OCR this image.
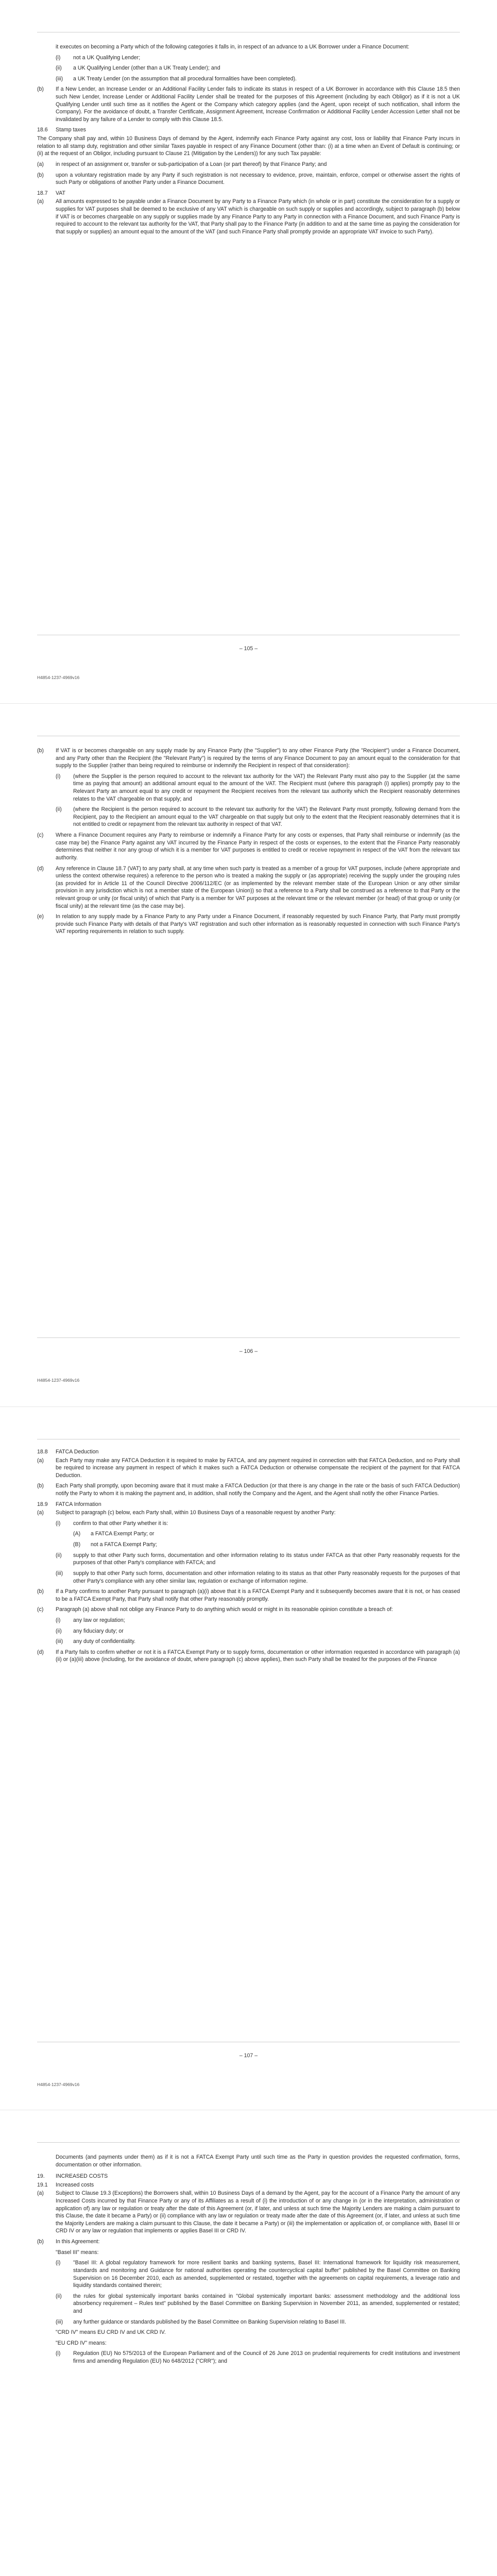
it executes on becoming a Party which of the following categories it falls in, in respect of an advance to a UK Borrower under a Finance Document:

(i)	not a UK Qualifying Lender;
(ii)	a UK Qualifying Lender (other than a UK Treaty Lender); and
(iii)	a UK Treaty Lender (on the assumption that all procedural formalities have been completed).
(b)	If a New Lender, an Increase Lender or an Additional Facility Lender fails to indicate its status in respect of a UK Borrower in accordance with this Clause 18.5 then such New Lender, Increase Lender or Additional Facility Lender shall be treated for the purposes of this Agreement (including by each Obligor) as if it is not a UK Qualifying Lender until such time as it notifies the Agent or the Company which category applies (and the Agent, upon receipt of such notification, shall inform the Company). For the avoidance of doubt, a Transfer Certificate, Assignment Agreement, Increase Confirmation or Additional Facility Lender Accession Letter shall not be invalidated by any failure of a Lender to comply with this Clause 18.5.
18.6	Stamp taxes

The Company shall pay and, within 10 Business Days of demand by the Agent, indemnify each Finance Party against any cost, loss or liability that Finance Party incurs in relation to all stamp duty, registration and other similar Taxes payable in respect of any Finance Document (other than: (i) at a time when an Event of Default is continuing; or (ii) at the request of an Obligor, including pursuant to Clause 21 (Mitigation by the Lenders)) for any such Tax payable:

(a)	in respect of an assignment or, transfer or sub-participation of a Loan (or part thereof) by that Finance Party; and
(b)	upon a voluntary registration made by any Party if such registration is not necessary to evidence, prove, maintain, enforce, compel or otherwise assert the rights of such Party or obligations of another Party under a Finance Document.
18.7	VAT
(a)	All amounts expressed to be payable under a Finance Document by any Party to a Finance Party which (in whole or in part) constitute the consideration for a supply or supplies for VAT purposes shall be deemed to be exclusive of any VAT which is chargeable on such supply or supplies and accordingly, subject to paragraph (b) below if VAT is or becomes chargeable on any supply or supplies made by any Finance Party to any Party in connection with a Finance Document, and such Finance Party is required to account to the relevant tax authority for the VAT, that Party shall pay to the Finance Party (in addition to and at the same time as paying the consideration for that supply or supplies) an amount equal to the amount of the VAT (and such Finance Party shall promptly provide an appropriate VAT invoice to such Party).
– 105 –
H4854-1237-4969v16
(b)	If VAT is or becomes chargeable on any supply made by any Finance Party (the "Supplier") to any other Finance Party (the "Recipient") under a Finance Document, and any Party other than the Recipient (the "Relevant Party") is required by the terms of any Finance Document to pay an amount equal to the consideration for that supply to the Supplier (rather than being required to reimburse or indemnify the Recipient in respect of that consideration):
(i)	(where the Supplier is the person required to account to the relevant tax authority for the VAT) the Relevant Party must also pay to the Supplier (at the same time as paying that amount) an additional amount equal to the amount of the VAT. The Recipient must (where this paragraph (i) applies) promptly pay to the Relevant Party an amount equal to any credit or repayment the Recipient receives from the relevant tax authority which the Recipient reasonably determines relates to the VAT chargeable on that supply; and
(ii)	(where the Recipient is the person required to account to the relevant tax authority for the VAT) the Relevant Party must promptly, following demand from the Recipient, pay to the Recipient an amount equal to the VAT chargeable on that supply but only to the extent that the Recipient reasonably determines that it is not entitled to credit or repayment from the relevant tax authority in respect of that VAT.
(c)	Where a Finance Document requires any Party to reimburse or indemnify a Finance Party for any costs or expenses, that Party shall reimburse or indemnify (as the case may be) the Finance Party against any VAT incurred by the Finance Party in respect of the costs or expenses, to the extent that the Finance Party reasonably determines that neither it nor any group of which it is a member for VAT purposes is entitled to credit or receive repayment in respect of the VAT from the relevant tax authority.
(d)	Any reference in Clause 18.7 (VAT) to any party shall, at any time when such party is treated as a member of a group for VAT purposes, include (where appropriate and unless the context otherwise requires) a reference to the person who is treated a making the supply or (as appropriate) receiving the supply under the grouping rules (as provided for in Article 11 of the Council Directive 2006/112/EC (or as implemented by the relevant member state of the European Union or any other similar provision in any jurisdiction which is not a member state of the European Union)) so that a reference to a Party shall be construed as a reference to that Party or the relevant group or unity (or fiscal unity) of which that Party is a member for VAT purposes at the relevant time or the relevant member (or head) of that group or unity (or fiscal unity) at the relevant time (as the case may be).
(e)	In relation to any supply made by a Finance Party to any Party under a Finance Document, if reasonably requested by such Finance Party, that Party must promptly provide such Finance Party with details of that Party's VAT registration and such other information as is reasonably requested in connection with such Finance Party's VAT reporting requirements in relation to such supply.
– 106 –
H4854-1237-4969v16
18.8	FATCA Deduction
(a)	Each Party may make any FATCA Deduction it is required to make by FATCA, and any payment required in connection with that FATCA Deduction, and no Party shall be required to increase any payment in respect of which it makes such a FATCA Deduction or otherwise compensate the recipient of the payment for that FATCA Deduction.
(b)	Each Party shall promptly, upon becoming aware that it must make a FATCA Deduction (or that there is any change in the rate or the basis of such FATCA Deduction) notify the Party to whom it is making the payment and, in addition, shall notify the Company and the Agent, and the Agent shall notify the other Finance Parties.
18.9	FATCA Information
(a)	Subject to paragraph (c) below, each Party shall, within 10 Business Days of a reasonable request by another Party:
(i)	confirm to that other Party whether it is:
(A)	a FATCA Exempt Party; or
(B)	not a FATCA Exempt Party;
(ii)	supply to that other Party such forms, documentation and other information relating to its status under FATCA as that other Party reasonably requests for the purposes of that other Party's compliance with FATCA; and
(iii)	supply to that other Party such forms, documentation and other information relating to its status as that other Party reasonably requests for the purposes of that other Party's compliance with any other similar law, regulation or exchange of information regime.
(b)	If a Party confirms to another Party pursuant to paragraph (a)(i) above that it is a FATCA Exempt Party and it subsequently becomes aware that it is not, or has ceased to be a FATCA Exempt Party, that Party shall notify that other Party reasonably promptly.
(c)	Paragraph (a) above shall not oblige any Finance Party to do anything which would or might in its reasonable opinion constitute a breach of:
(i)	any law or regulation;
(ii)	any fiduciary duty; or
(iii)	any duty of confidentiality.
(d)	If a Party fails to confirm whether or not it is a FATCA Exempt Party or to supply forms, documentation or other information requested in accordance with paragraph (a)(ii) or (a)(iii) above (including, for the avoidance of doubt, where paragraph (c) above applies), then such Party shall be treated for the purposes of the Finance
– 107 –
H4854-1237-4969v16

Documents (and payments under them) as if it is not a FATCA Exempt Party until such time as the Party in question provides the requested confirmation, forms, documentation or other information.

19.	INCREASED COSTS
19.1	Increased costs
(a)	Subject to Clause 19.3 (Exceptions) the Borrowers shall, within 10 Business Days of a demand by the Agent, pay for the account of a Finance Party the amount of any Increased Costs incurred by that Finance Party or any of its Affiliates as a result of (i) the introduction of or any change in (or in the interpretation, administration or application of) any law or regulation or treaty after the date of this Agreement (or, if later, and unless at such time the Majority Lenders are making a claim pursuant to this Clause, the date it became a Party) or (ii) compliance with any law or regulation or treaty made after the date of this Agreement (or, if later, and unless at such time the Majority Lenders are making a claim pursuant to this Clause, the date it became a Party) or (iii) the implementation or application of, or compliance with, Basel III or CRD IV or any law or regulation that implements or applies Basel III or CRD IV.
(b)	In this Agreement:

"Basel III" means:

(i)	"Basel III: A global regulatory framework for more resilient banks and banking systems, Basel III: International framework for liquidity risk measurement, standards and monitoring and Guidance for national authorities operating the countercyclical capital buffer" published by the Basel Committee on Banking Supervision on 16 December 2010, each as amended, supplemented or restated, together with the agreements on capital requirements, a leverage ratio and liquidity standards contained therein;
(ii)	the rules for global systemically important banks contained in "Global systemically important banks: assessment methodology and the additional loss absorbency requirement – Rules text" published by the Basel Committee on Banking Supervision in November 2011, as amended, supplemented or restated; and
(iii)	any further guidance or standards published by the Basel Committee on Banking Supervision relating to Basel III.

"CRD IV" means EU CRD IV and UK CRD IV.

"EU CRD IV" means:

(i)	Regulation (EU) No 575/2013 of the European Parliament and of the Council of 26 June 2013 on prudential requirements for credit institutions and investment firms and amending Regulation (EU) No 648/2012 ("CRR"); and
